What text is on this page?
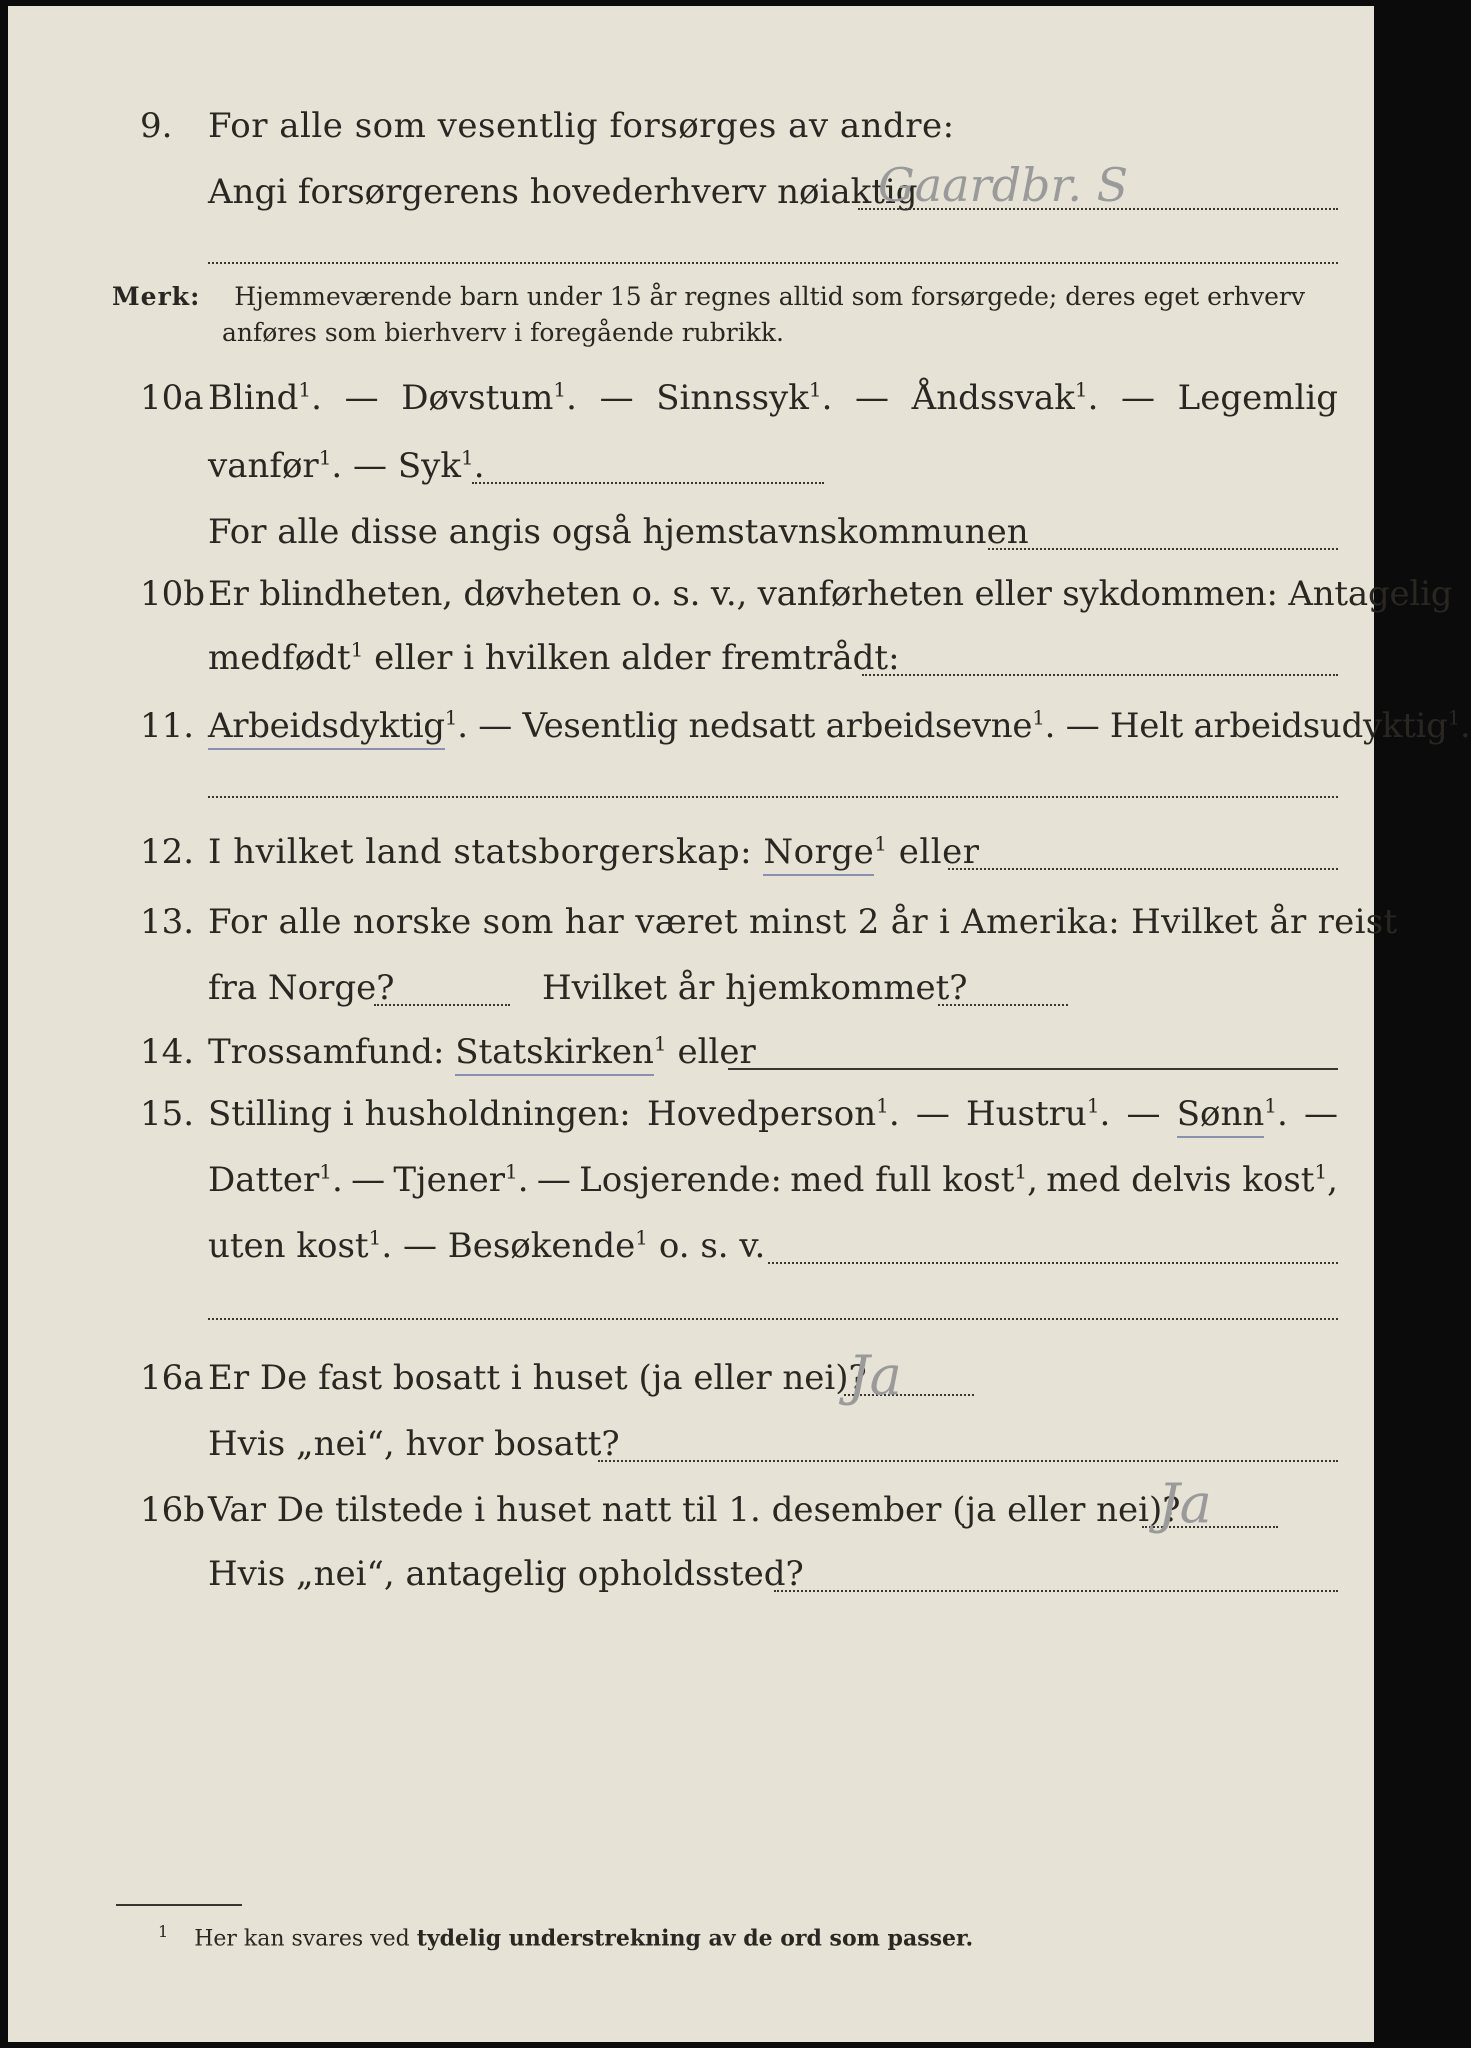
9. For alle som vesentlig forsørges av andre:
Angi forsørgerens hovederhverv nøiaktig
Gaardbr. S
Merk: Hjemmeværende barn under 15 år regnes alltid som forsørgede; deres eget erhverv
anføres som bierhverv i foregående rubrikk.
10a Blind$^1$. — Døvstum$^1$. — Sinnssyk$^1$. — Åndssvak$^1$. — Legemlig
vanfør$^1$. — Syk$^1$.
For alle disse angis også hjemstavnskommunen
10b Er blindheten, døvheten o. s. v., vanførheten eller sykdommen: Antagelig
medfødt$^1$ eller i hvilken alder fremtrådt:
11. Arbeidsdyktig$^1$. — Vesentlig nedsatt arbeidsevne$^1$. — Helt arbeidsudyktig$^1$.
12. I hvilket land statsborgerskap: Norge$^1$ eller
13. For alle norske som har været minst 2 år i Amerika: Hvilket år reist
fra Norge?	Hvilket år hjemkommet?
14. Trossamfund: Statskirken$^1$ eller
15. Stilling i husholdningen: Hovedperson$^1$. — Hustru$^1$. — Sønn$^1$. —
Datter$^1$. — Tjener$^1$. — Losjerende: med full kost$^1$, med delvis kost$^1$,
uten kost$^1$. — Besøkende$^1$ o. s. v.
16a Er De fast bosatt i huset (ja eller nei)?
Ja
Hvis „nei“, hvor bosatt?
16b Var De tilstede i huset natt til 1. desember (ja eller nei)?
Ja
Hvis „nei“, antagelig opholdssted?
$^1$ Her kan svares ved tydelig understrekning av de ord som passer.
